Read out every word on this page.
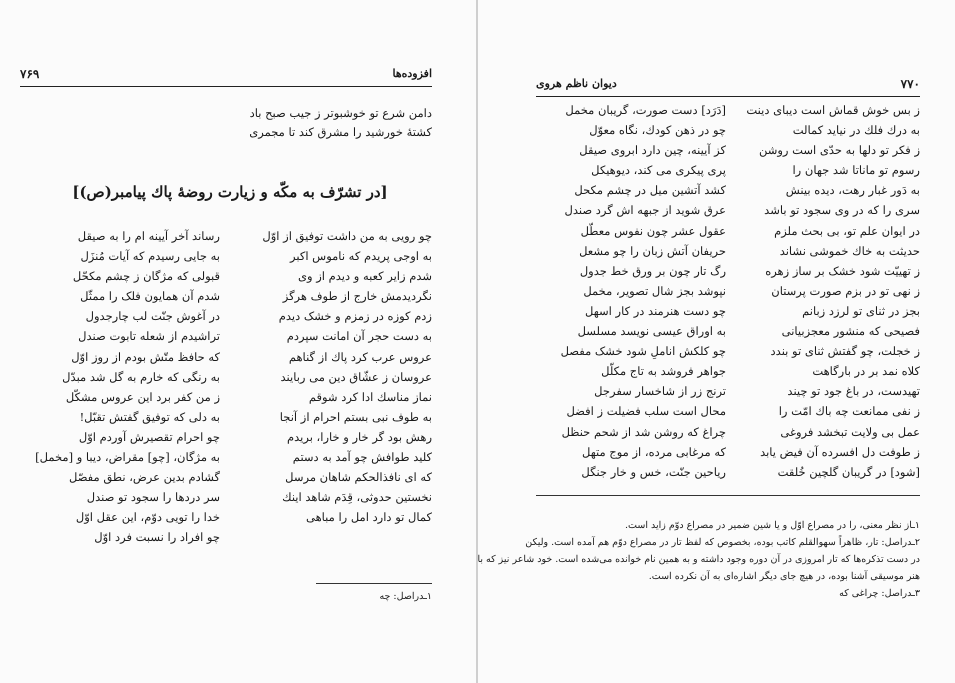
۷۶۹	افزوده‌ها
دامن شرع تو خوشبوتر ز جیب صبح باد
کشتهٔ خورشید را مشرق کند تا مجمری
[در تشرّف به مکّه و زیارت روضهٔ پاك پیامبر(ص)]
چو رویی به من داشت توفیق از اوّل
به اوجی پریدم که ناموس اکبر
شدم زایر کعبه و دیدم از وی
نگردیدمش خارج از طوف هرگز
زدم کوزه در زمزم و خشک دیدم
به دست حجر آن امانت سپردم
عروس عرب کرد پاك از گناهم
عروسان ز عشّاق دین می ربایند
نماز مناسك ادا کرد شوقم
به طوف نبی بستم احرام از آنجا
رهش بود گر خار و خارا، بریدم
کلید طوافش چو آمد به دستم
که ای نافذالحکم شاهان مرسل
نخستین حدوثی، قِدَم شاهد اینك
کمال تو دارد امل را مباهی
رساند آخر آیینه ام را به صیقل
به جایی رسیدم که آیات مُنزَل
قبولی که مژگان ز چشم مکحّل
شدم آن همایون فلک را ممثّل
در آغوش جنّت لب چارجدول
تراشیدم از شعله تابوت صندل
که حافظ متّش بودم از روز اوّل
به رنگی که خارم به گل شد مبدّل
ز من کفر برد این عروس مشکّل
به دلی که توفیق گفتش تقبّل!
چو احرام تقصیرش آوردم اوّل
به مژگان، [چو] مقراض، دیبا و [مخمل]
گشادم بدین عرض، نطق مفصّل
سر دردها را سجود تو صندل
خدا را تویی دوّم، این عقل اوّل
چو افراد را نسبت فرد اوّل
۱ـدراصل: چه
۷۷۰
دیوان ناظم هروی
ز بس خوش قماش است دیبای دینت
به درك فلك در نیاید کمالت
ز فکر تو دلها به حدّی است روشن
رسوم تو ماناتا شد جهان را
به دَور غبار رهت، دیده بینش
سری را که در وی سجود تو باشد
در ایوان علم تو، بی بحث ملزم
حدیثت به خاك خموشی نشاند
ز تهییّت شود خشک بر ساز زهره
ز نهی تو در بزم صورت پرستان
بجز در ثنای تو لرزد زبانم
فصیحی که منشور معجزبیانی
ز خجلت، چو گفتش ثنای تو بندد
کلاه نمد بر در بارگاهت
تهیدست، در باغ جود تو چیند
ز نفی ممانعت چه باك امّت را
عمل بی ولایت تبخشد فروغی
ز طوفت دل افسرده آن فیض یابد
[شود] در گریبان گلچین خُلقت
[دَرَد] دست صورت، گریبان مخمل
چو در ذهن کودك، نگاه معوّل
کز آیینه، چین دارد ابروی صیقل
پری پیکری می کند، دیوهیکل
کشد آتشین میل در چشم مکحل
عرق شوید از جبهه اش گرد صندل
عقول عشر چون نفوس معطّل
حریفان آتش زبان را چو مشعل
رگ تار چون بر ورق خط جدول
نپوشد بجز شال تصویر، مخمل
چو دست هنرمند در کار اسهل
به اوراق عیسی نویسد مسلسل
چو کلکش اناملِ شود خشک مفصل
جواهر فروشد به تاج مکلّل
ترنج زر از شاخسار سفرجل
محال است سلب فضیلت ز افضل
چراغ که روشن شد از شحم حنظل
که مرغابی مرده، از موج متهل
ریاحین جنّت، خس و خار جنگل
۱ـاز نظر معنی، را در مصراع اوّل و یا شین ضمیر در مصراع دوّم زاید است.
۲ـدراصل: تار، ظاهراً سهوالقلم کاتب بوده، بخصوص که لفظ تار در مصراع دوّم هم آمده است. ولیکن
در دست تذکره‌ها که تار امروزی در آن دوره وجود داشته و به همین نام خوانده می‌شده است. خود شاعر نیز که با
هنر موسیقی آشنا بوده، در هیچ جای دیگر اشاره‌ای به آن نکرده است.
۳ـدراصل: چراغی که
